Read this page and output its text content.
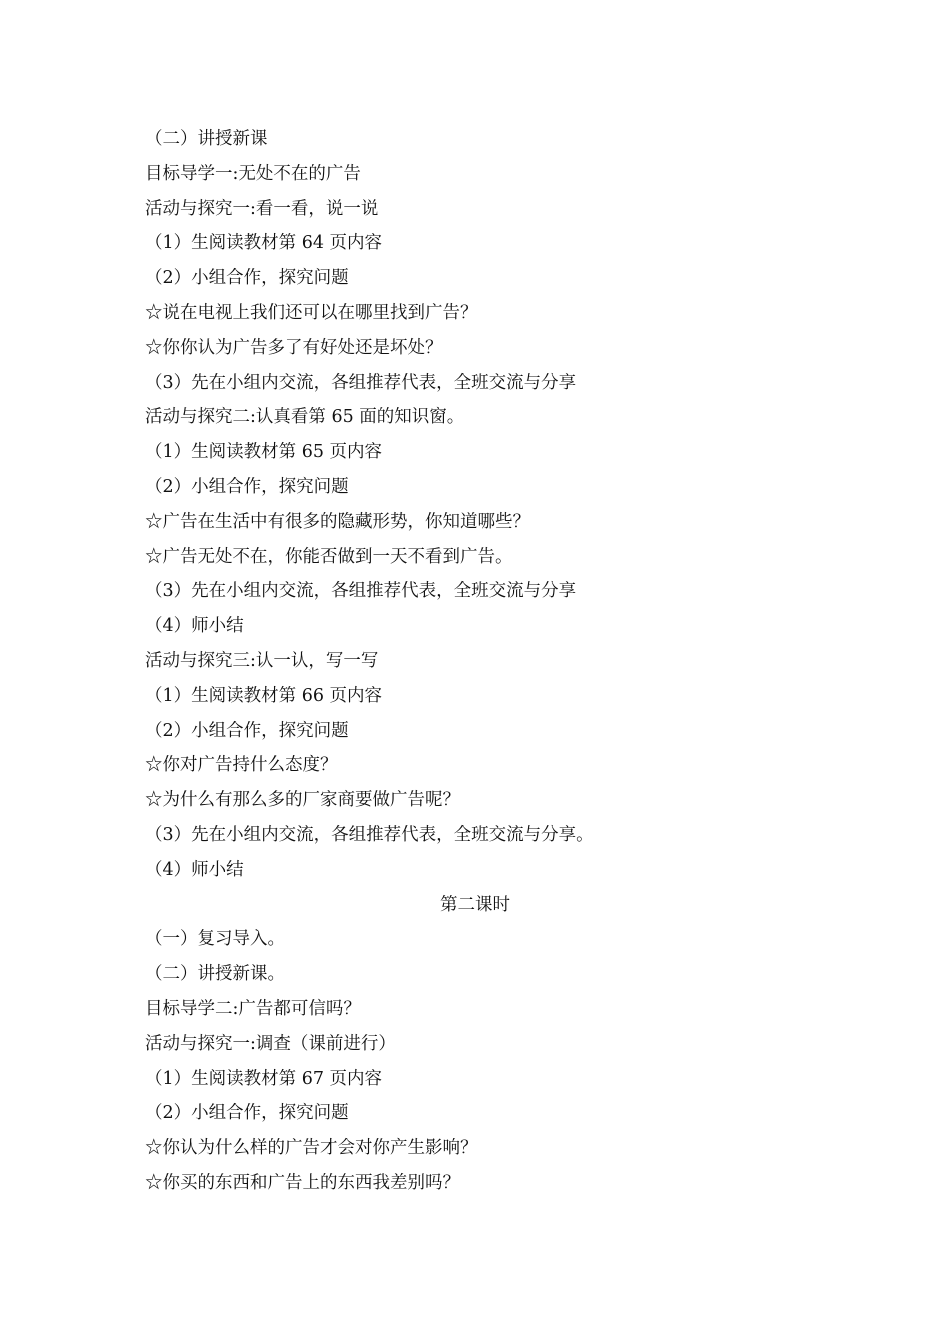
（二）讲授新课
目标导学一:无处不在的广告
活动与探究一:看一看，说一说
（1）生阅读教材第 64 页内容
（2）小组合作，探究问题
☆说在电视上我们还可以在哪里找到广告？
☆你你认为广告多了有好处还是坏处？
（3）先在小组内交流，各组推荐代表，全班交流与分享
活动与探究二:认真看第 65 面的知识窗。
（1）生阅读教材第 65 页内容
（2）小组合作，探究问题
☆广告在生活中有很多的隐藏形势，你知道哪些？
☆广告无处不在，你能否做到一天不看到广告。
（3）先在小组内交流，各组推荐代表，全班交流与分享
（4）师小结
活动与探究三:认一认，写一写
（1）生阅读教材第 66 页内容
（2）小组合作，探究问题
☆你对广告持什么态度？
☆为什么有那么多的厂家商要做广告呢？
（3）先在小组内交流，各组推荐代表，全班交流与分享。
（4）师小结
第二课时
（一）复习导入。
（二）讲授新课。
目标导学二:广告都可信吗？
活动与探究一:调查（课前进行）
（1）生阅读教材第 67 页内容
（2）小组合作，探究问题
☆你认为什么样的广告才会对你产生影响？
☆你买的东西和广告上的东西我差别吗？
